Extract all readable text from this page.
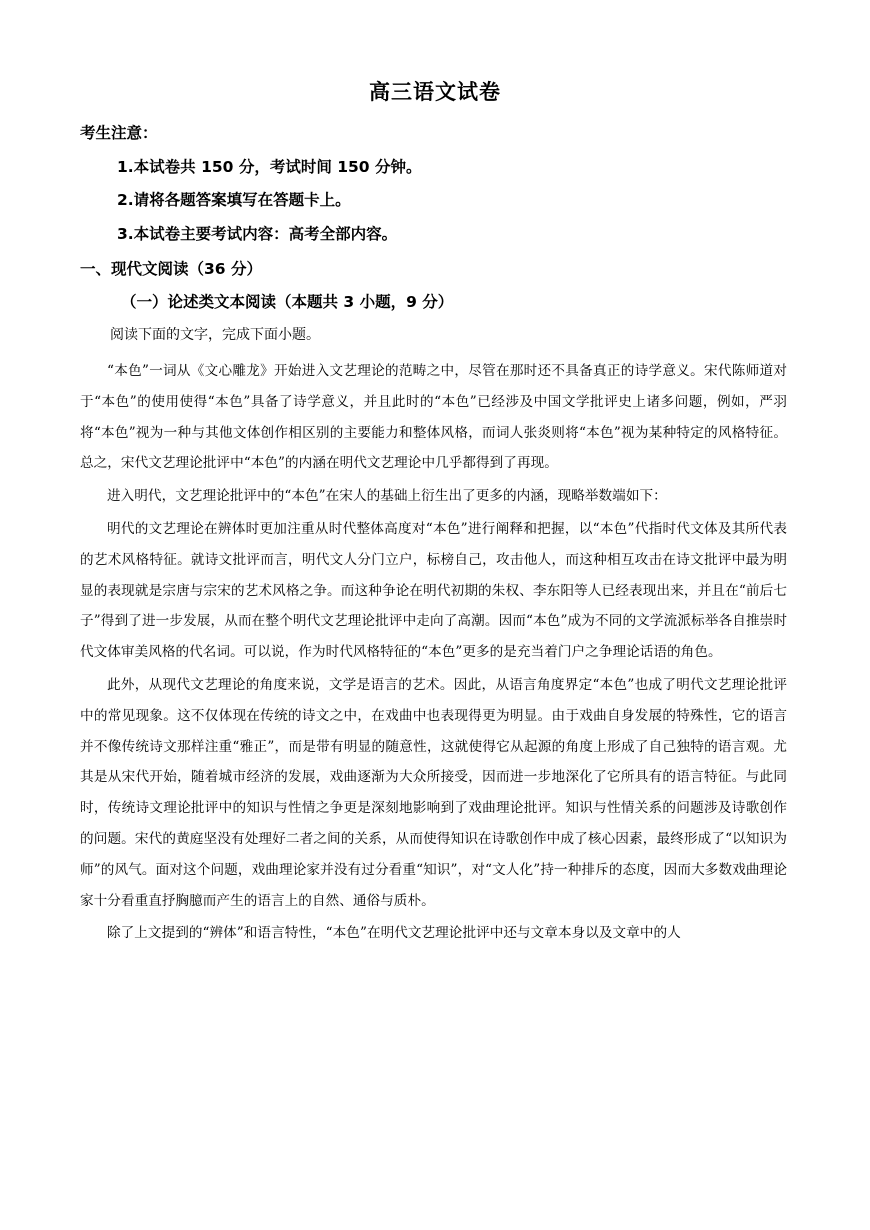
高三语文试卷
考生注意：
1.本试卷共 150 分，考试时间 150 分钟。
2.请将各题答案填写在答题卡上。
3.本试卷主要考试内容：高考全部内容。
一、现代文阅读（36 分）
（一）论述类文本阅读（本题共 3 小题，9 分）
阅读下面的文字，完成下面小题。

“本色”一词从《文心雕龙》开始进入文艺理论的范畴之中，尽管在那时还不具备真正的诗学意义。宋代陈师道对于“本色”的使用使得“本色”具备了诗学意义，并且此时的“本色”已经涉及中国文学批评史上诸多问题，例如，严羽将“本色”视为一种与其他文体创作相区别的主要能力和整体风格，而词人张炎则将“本色”视为某种特定的风格特征。总之，宋代文艺理论批评中“本色”的内涵在明代文艺理论中几乎都得到了再现。

进入明代，文艺理论批评中的“本色”在宋人的基础上衍生出了更多的内涵，现略举数端如下：

明代的文艺理论在辨体时更加注重从时代整体高度对“本色”进行阐释和把握，以“本色”代指时代文体及其所代表的艺术风格特征。就诗文批评而言，明代文人分门立户，标榜自己，攻击他人，而这种相互攻击在诗文批评中最为明显的表现就是宗唐与宗宋的艺术风格之争。而这种争论在明代初期的朱权、李东阳等人已经表现出来，并且在“前后七子”得到了进一步发展，从而在整个明代文艺理论批评中走向了高潮。因而“本色”成为不同的文学流派标举各自推崇时代文体审美风格的代名词。可以说，作为时代风格特征的“本色”更多的是充当着门户之争理论话语的角色。

此外，从现代文艺理论的角度来说，文学是语言的艺术。因此，从语言角度界定“本色”也成了明代文艺理论批评中的常见现象。这不仅体现在传统的诗文之中，在戏曲中也表现得更为明显。由于戏曲自身发展的特殊性，它的语言并不像传统诗文那样注重“雅正”，而是带有明显的随意性，这就使得它从起源的角度上形成了自己独特的语言观。尤其是从宋代开始，随着城市经济的发展，戏曲逐渐为大众所接受，因而进一步地深化了它所具有的语言特征。与此同时，传统诗文理论批评中的知识与性情之争更是深刻地影响到了戏曲理论批评。知识与性情关系的问题涉及诗歌创作的问题。宋代的黄庭坚没有处理好二者之间的关系，从而使得知识在诗歌创作中成了核心因素，最终形成了“以知识为师”的风气。面对这个问题，戏曲理论家并没有过分看重“知识”，对“文人化”持一种排斥的态度，因而大多数戏曲理论家十分看重直抒胸臆而产生的语言上的自然、通俗与质朴。

除了上文提到的“辨体”和语言特性，“本色”在明代文艺理论批评中还与文章本身以及文章中的人
